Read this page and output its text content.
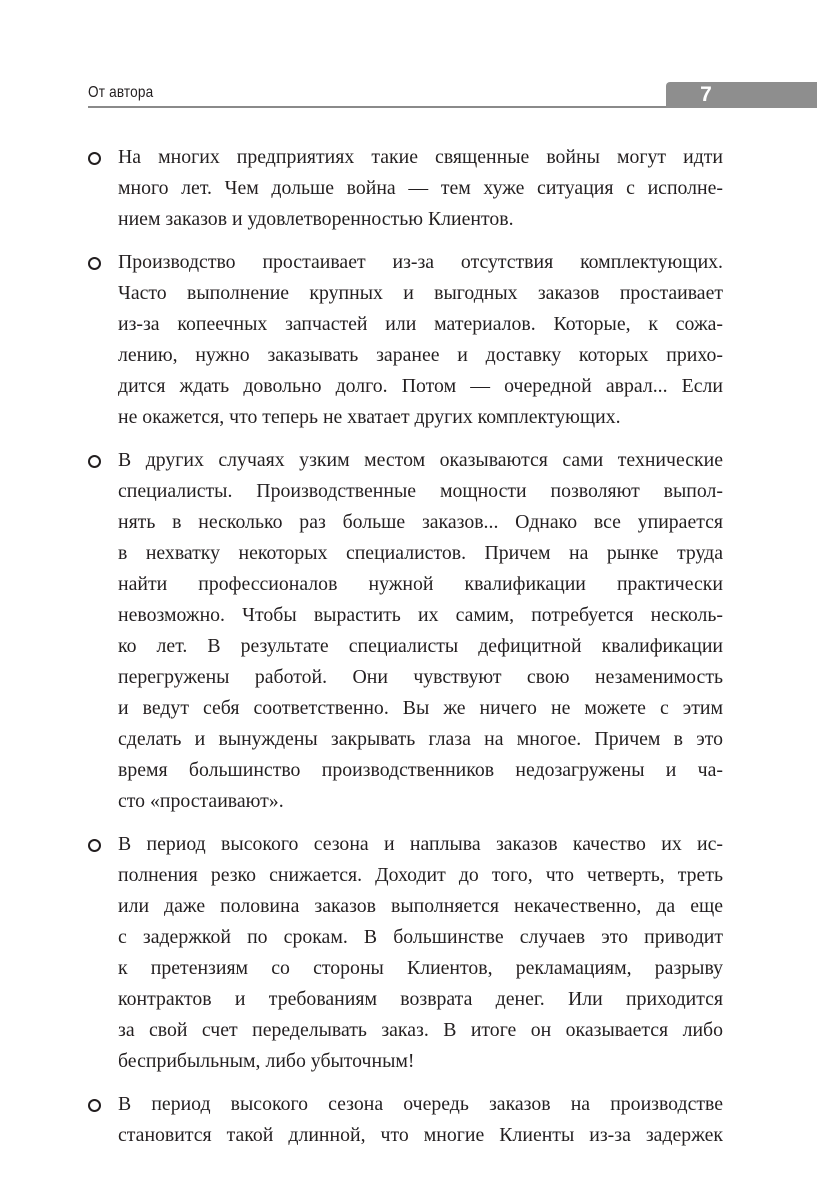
От автора	7
На многих предприятиях такие священные войны могут идти
много лет. Чем дольше война — тем хуже ситуация с исполне-
нием заказов и удовлетворенностью Клиентов.
Производство простаивает из-за отсутствия комплектующих.
Часто выполнение крупных и выгодных заказов простаивает
из-за копеечных запчастей или материалов. Которые, к сожа-
лению, нужно заказывать заранее и доставку которых прихо-
дится ждать довольно долго. Потом — очередной аврал... Если
не окажется, что теперь не хватает других комплектующих.
В других случаях узким местом оказываются сами технические
специалисты. Производственные мощности позволяют выпол-
нять в несколько раз больше заказов... Однако все упирается
в нехватку некоторых специалистов. Причем на рынке труда
найти профессионалов нужной квалификации практически
невозможно. Чтобы вырастить их самим, потребуется несколь-
ко лет. В результате специалисты дефицитной квалификации
перегружены работой. Они чувствуют свою незаменимость
и ведут себя соответственно. Вы же ничего не можете с этим
сделать и вынуждены закрывать глаза на многое. Причем в это
время большинство производственников недозагружены и ча-
сто «простаивают».
В период высокого сезона и наплыва заказов качество их ис-
полнения резко снижается. Доходит до того, что четверть, треть
или даже половина заказов выполняется некачественно, да еще
с задержкой по срокам. В большинстве случаев это приводит
к претензиям со стороны Клиентов, рекламациям, разрыву
контрактов и требованиям возврата денег. Или приходится
за свой счет переделывать заказ. В итоге он оказывается либо
бесприбыльным, либо убыточным!
В период высокого сезона очередь заказов на производстве
становится такой длинной, что многие Клиенты из-за задержек
